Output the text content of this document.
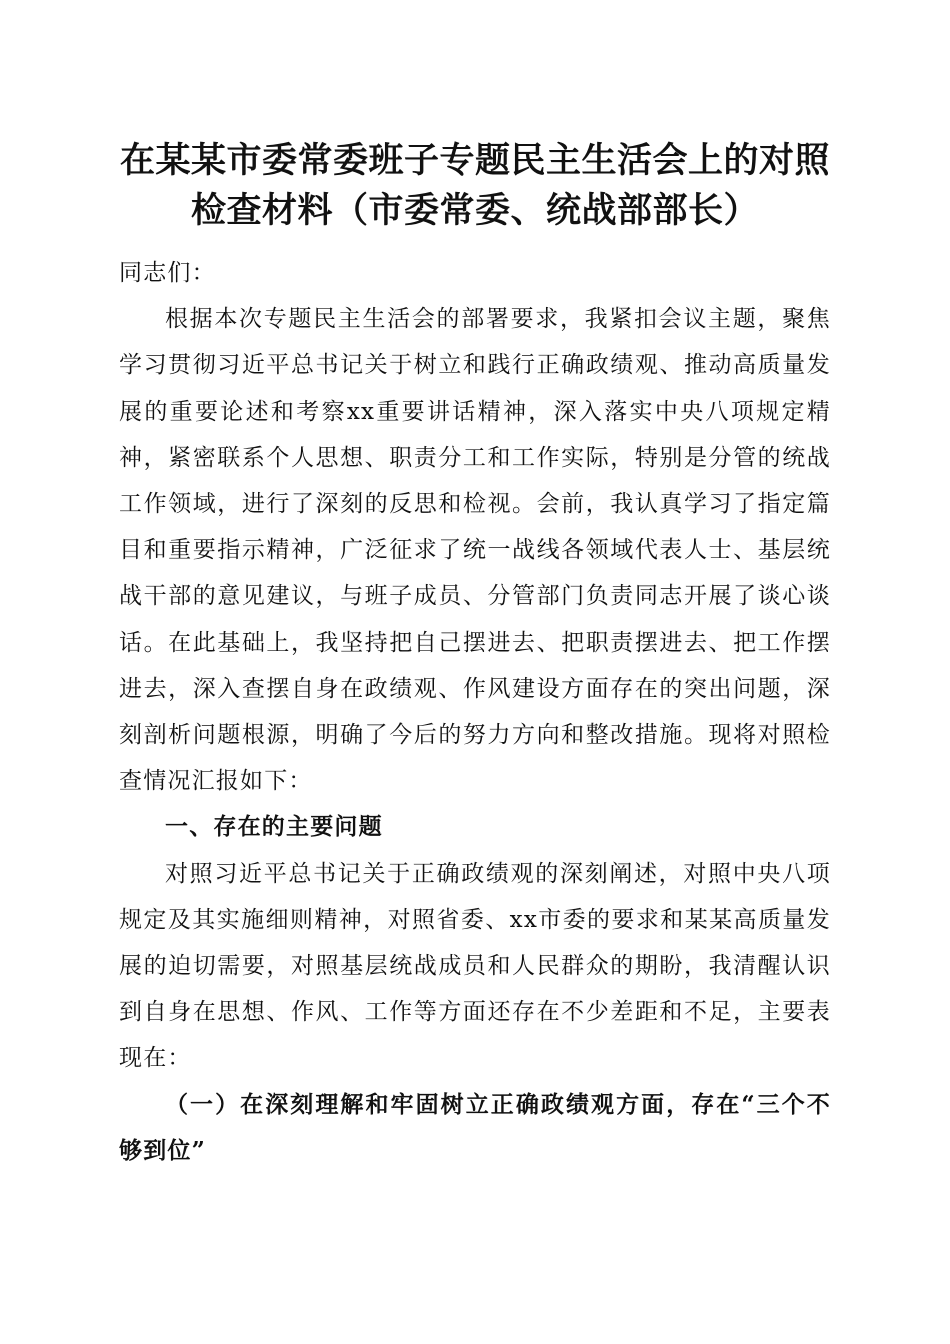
在某某市委常委班子专题民主生活会上的对照
检查材料（市委常委、统战部部长）

同志们：

根据本次专题民主生活会的部署要求，我紧扣会议主题，聚焦学习贯彻习近平总书记关于树立和践行正确政绩观、推动高质量发展的重要论述和考察xx重要讲话精神，深入落实中央八项规定精神，紧密联系个人思想、职责分工和工作实际，特别是分管的统战工作领域，进行了深刻的反思和检视。会前，我认真学习了指定篇目和重要指示精神，广泛征求了统一战线各领域代表人士、基层统战干部的意见建议，与班子成员、分管部门负责同志开展了谈心谈话。在此基础上，我坚持把自己摆进去、把职责摆进去、把工作摆进去，深入查摆自身在政绩观、作风建设方面存在的突出问题，深刻剖析问题根源，明确了今后的努力方向和整改措施。现将对照检查情况汇报如下：

一、存在的主要问题

对照习近平总书记关于正确政绩观的深刻阐述，对照中央八项规定及其实施细则精神，对照省委、xx市委的要求和某某高质量发展的迫切需要，对照基层统战成员和人民群众的期盼，我清醒认识到自身在思想、作风、工作等方面还存在不少差距和不足，主要表现在：

（一）在深刻理解和牢固树立正确政绩观方面，存在“三个不够到位”
